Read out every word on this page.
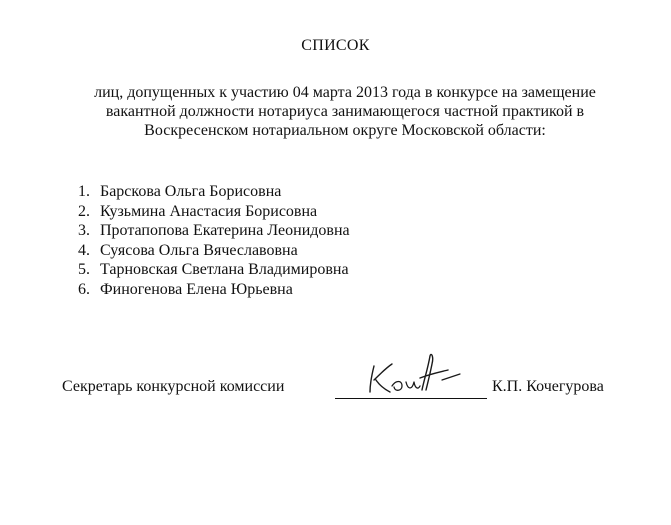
СПИСОК
лиц, допущенных к участию 04 марта 2013 года в конкурсе на замещение
вакантной должности нотариуса занимающегося частной практикой в
Воскресенском нотариальном округе Московской области:
1. Барскова Ольга Борисовна
2. Кузьмина Анастасия Борисовна
3. Протапопова Екатерина Леонидовна
4. Суясова Ольга Вячеславовна
5. Тарновская Светлана Владимировна
6. Финогенова Елена Юрьевна
Секретарь конкурсной комиссии	К.П. Кочегурова
